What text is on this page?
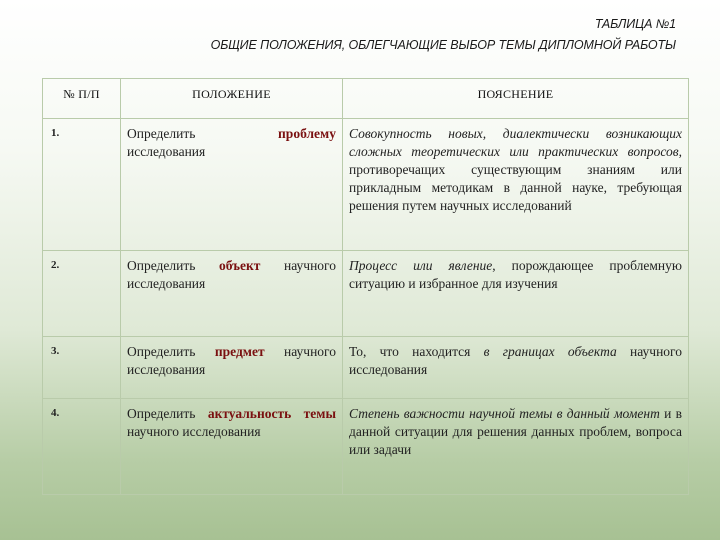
ТАБЛИЦА №1
ОБЩИЕ ПОЛОЖЕНИЯ, ОБЛЕГЧАЮЩИЕ ВЫБОР ТЕМЫ ДИПЛОМНОЙ РАБОТЫ
№ П/П	ПОЛОЖЕНИЕ	ПОЯСНЕНИЕ
1.	Определить проблему исследования	Совокупность новых, диалектически возникающих сложных теоретических или практических вопросов, противоречащих существующим знаниям или прикладным методикам в данной науке, требующая решения путем научных исследований
2.	Определить объект научного исследования	Процесс или явление, порождающее проблемную ситуацию и избранное для изучения
3.	Определить предмет научного исследования	То, что находится в границах объекта научного исследования
4.	Определить актуальность темы научного исследования	Степень важности научной темы в данный момент и в данной ситуации для решения данных проблем, вопроса или задачи
